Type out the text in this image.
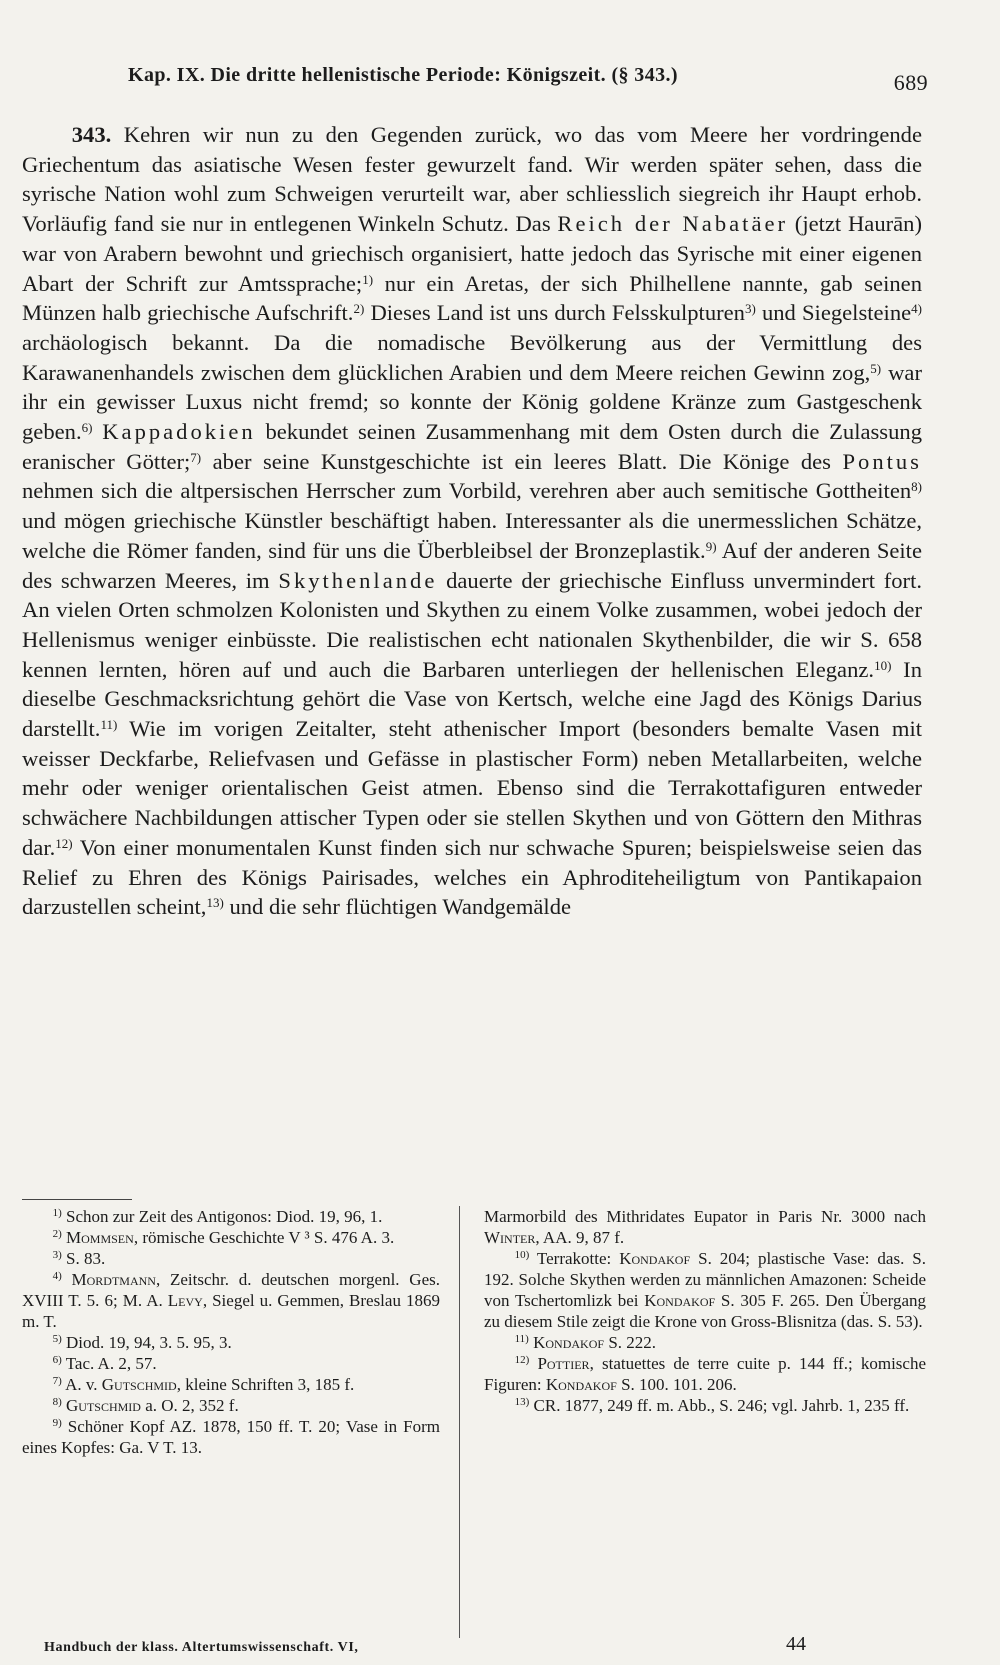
Kap. IX. Die dritte hellenistische Periode: Königszeit. (§ 343.)	689

343. Kehren wir nun zu den Gegenden zurück, wo das vom Meere her vordringende Griechentum das asiatische Wesen fester gewurzelt fand. Wir werden später sehen, dass die syrische Nation wohl zum Schweigen verurteilt war, aber schliesslich siegreich ihr Haupt erhob. Vorläufig fand sie nur in entlegenen Winkeln Schutz. Das Reich der Nabatäer (jetzt Haurān) war von Arabern bewohnt und griechisch organisiert, hatte jedoch das Syrische mit einer eigenen Abart der Schrift zur Amtssprache;$^{1)}$ nur ein Aretas, der sich Philhellene nannte, gab seinen Münzen halb griechische Aufschrift.$^{2)}$ Dieses Land ist uns durch Felsskulpturen$^{3)}$ und Siegelsteine$^{4)}$ archäologisch bekannt. Da die nomadische Bevölkerung aus der Vermittlung des Karawanenhandels zwischen dem glücklichen Arabien und dem Meere reichen Gewinn zog,$^{5)}$ war ihr ein gewisser Luxus nicht fremd; so konnte der König goldene Kränze zum Gastgeschenk geben.$^{6)}$ Kappadokien bekundet seinen Zusammenhang mit dem Osten durch die Zulassung eranischer Götter;$^{7)}$ aber seine Kunstgeschichte ist ein leeres Blatt. Die Könige des Pontus nehmen sich die altpersischen Herrscher zum Vorbild, verehren aber auch semitische Gottheiten$^{8)}$ und mögen griechische Künstler beschäftigt haben. Interessanter als die unermesslichen Schätze, welche die Römer fanden, sind für uns die Überbleibsel der Bronzeplastik.$^{9)}$ Auf der anderen Seite des schwarzen Meeres, im Skythenlande dauerte der griechische Einfluss unvermindert fort. An vielen Orten schmolzen Kolonisten und Skythen zu einem Volke zusammen, wobei jedoch der Hellenismus weniger einbüsste. Die realistischen echt nationalen Skythenbilder, die wir S. 658 kennen lernten, hören auf und auch die Barbaren unterliegen der hellenischen Eleganz.$^{10)}$ In dieselbe Geschmacksrichtung gehört die Vase von Kertsch, welche eine Jagd des Königs Darius darstellt.$^{11)}$ Wie im vorigen Zeitalter, steht athenischer Import (besonders bemalte Vasen mit weisser Deckfarbe, Reliefvasen und Gefässe in plastischer Form) neben Metallarbeiten, welche mehr oder weniger orientalischen Geist atmen. Ebenso sind die Terrakottafiguren entweder schwächere Nachbildungen attischer Typen oder sie stellen Skythen und von Göttern den Mithras dar.$^{12)}$ Von einer monumentalen Kunst finden sich nur schwache Spuren; beispielsweise seien das Relief zu Ehren des Königs Pairisades, welches ein Aphroditeheiligtum von Pantikapaion darzustellen scheint,$^{13)}$ und die sehr flüchtigen Wandgemälde

$^{1)}$ Schon zur Zeit des Antigonos: Diod. 19, 96, 1.

$^{2)}$ Mommsen, römische Geschichte V ³ S. 476 A. 3.

$^{3)}$ S. 83.

$^{4)}$ Mordtmann, Zeitschr. d. deutschen morgenl. Ges. XVIII T. 5. 6; M. A. Levy, Siegel u. Gemmen, Breslau 1869 m. T.

$^{5)}$ Diod. 19, 94, 3. 5. 95, 3.

$^{6)}$ Tac. A. 2, 57.

$^{7)}$ A. v. Gutschmid, kleine Schriften 3, 185 f.

$^{8)}$ Gutschmid a. O. 2, 352 f.

$^{9)}$ Schöner Kopf AZ. 1878, 150 ff. T. 20; Vase in Form eines Kopfes: Ga. V T. 13.

Marmorbild des Mithridates Eupator in Paris Nr. 3000 nach Winter, AA. 9, 87 f.

$^{10)}$ Terrakotte: Kondakof S. 204; plastische Vase: das. S. 192. Solche Skythen werden zu männlichen Amazonen: Scheide von Tschertomlizk bei Kondakof S. 305 F. 265. Den Übergang zu diesem Stile zeigt die Krone von Gross-Blisnitza (das. S. 53).

$^{11)}$ Kondakof S. 222.

$^{12)}$ Pottier, statuettes de terre cuite p. 144 ff.; komische Figuren: Kondakof S. 100. 101. 206.

$^{13)}$ CR. 1877, 249 ff. m. Abb., S. 246; vgl. Jahrb. 1, 235 ff.

Handbuch der klass. Altertumswissenschaft. VI,	44
